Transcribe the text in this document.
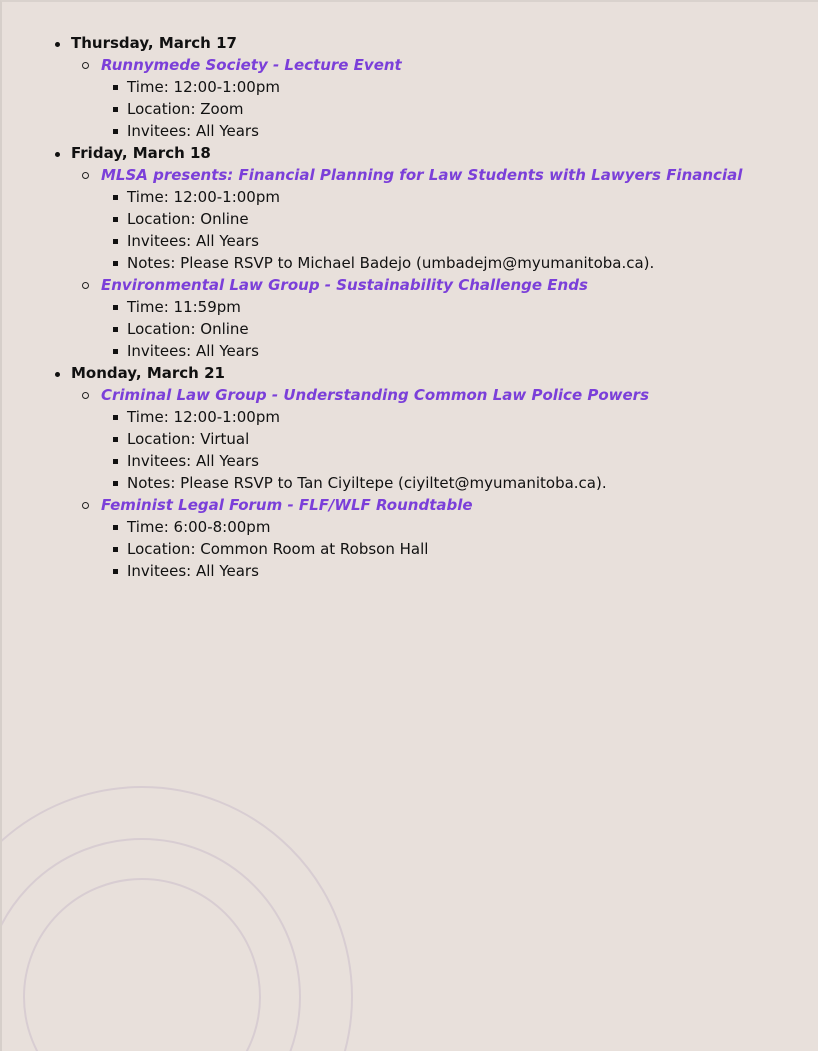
Thursday, March 17
Runnymede Society - Lecture Event
Time: 12:00-1:00pm
Location: Zoom
Invitees: All Years
Friday, March 18
MLSA presents: Financial Planning for Law Students with Lawyers Financial
Time: 12:00-1:00pm
Location: Online
Invitees: All Years
Notes: Please RSVP to Michael Badejo (umbadejm@myumanitoba.ca).
Environmental Law Group - Sustainability Challenge Ends
Time: 11:59pm
Location: Online
Invitees: All Years
Monday, March 21
Criminal Law Group - Understanding Common Law Police Powers
Time: 12:00-1:00pm
Location: Virtual
Invitees: All Years
Notes: Please RSVP to Tan Ciyiltepe (ciyiltet@myumanitoba.ca).
Feminist Legal Forum - FLF/WLF Roundtable
Time: 6:00-8:00pm
Location: Common Room at Robson Hall
Invitees: All Years
